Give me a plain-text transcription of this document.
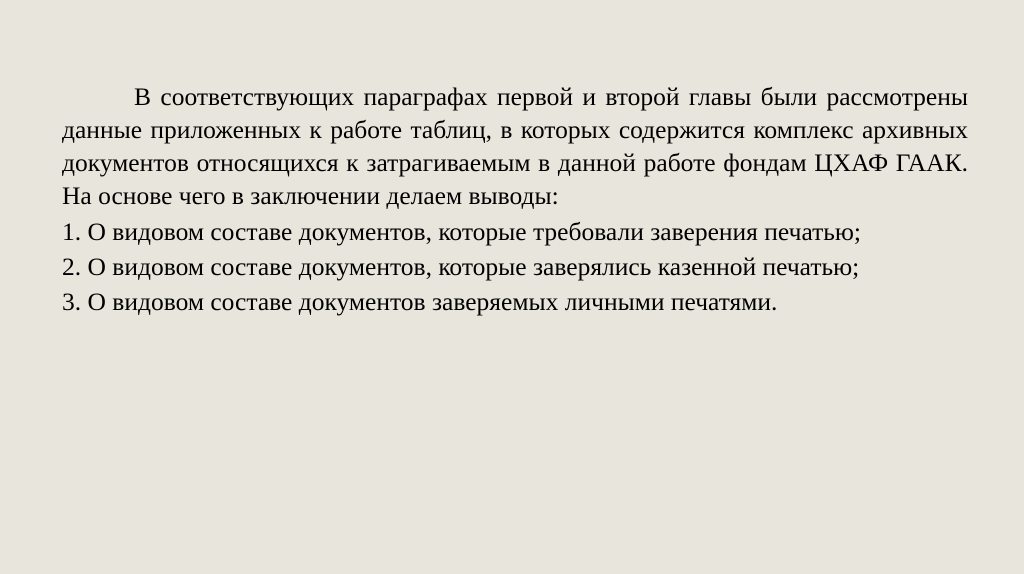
В соответствующих параграфах первой и второй главы были рассмотрены данные приложенных к работе таблиц, в которых содержится комплекс архивных документов относящихся к затрагиваемым в данной работе фондам ЦХАФ ГААК. На основе чего в заключении делаем выводы:

1. О видовом составе документов, которые требовали заверения печатью;

2. О видовом составе документов, которые заверялись казенной печатью;

3. О видовом составе документов заверяемых личными печатями.
